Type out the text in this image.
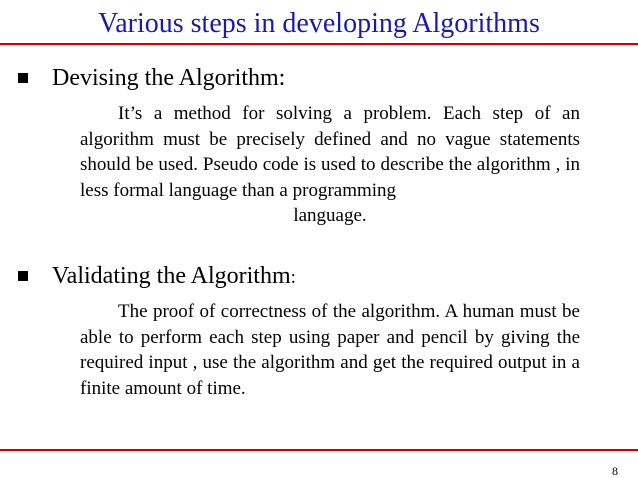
Various steps in developing Algorithms
Devising the Algorithm:
It’s a method for solving a problem. Each step of an algorithm must be precisely defined and no vague statements should be used. Pseudo code is used to describe the algorithm , in less formal language than a programming
language.
Validating the Algorithm:
The proof of correctness of the algorithm. A human must be able to perform each step using paper and pencil by giving the required input , use the algorithm and get the required output in a finite amount of time.
8
